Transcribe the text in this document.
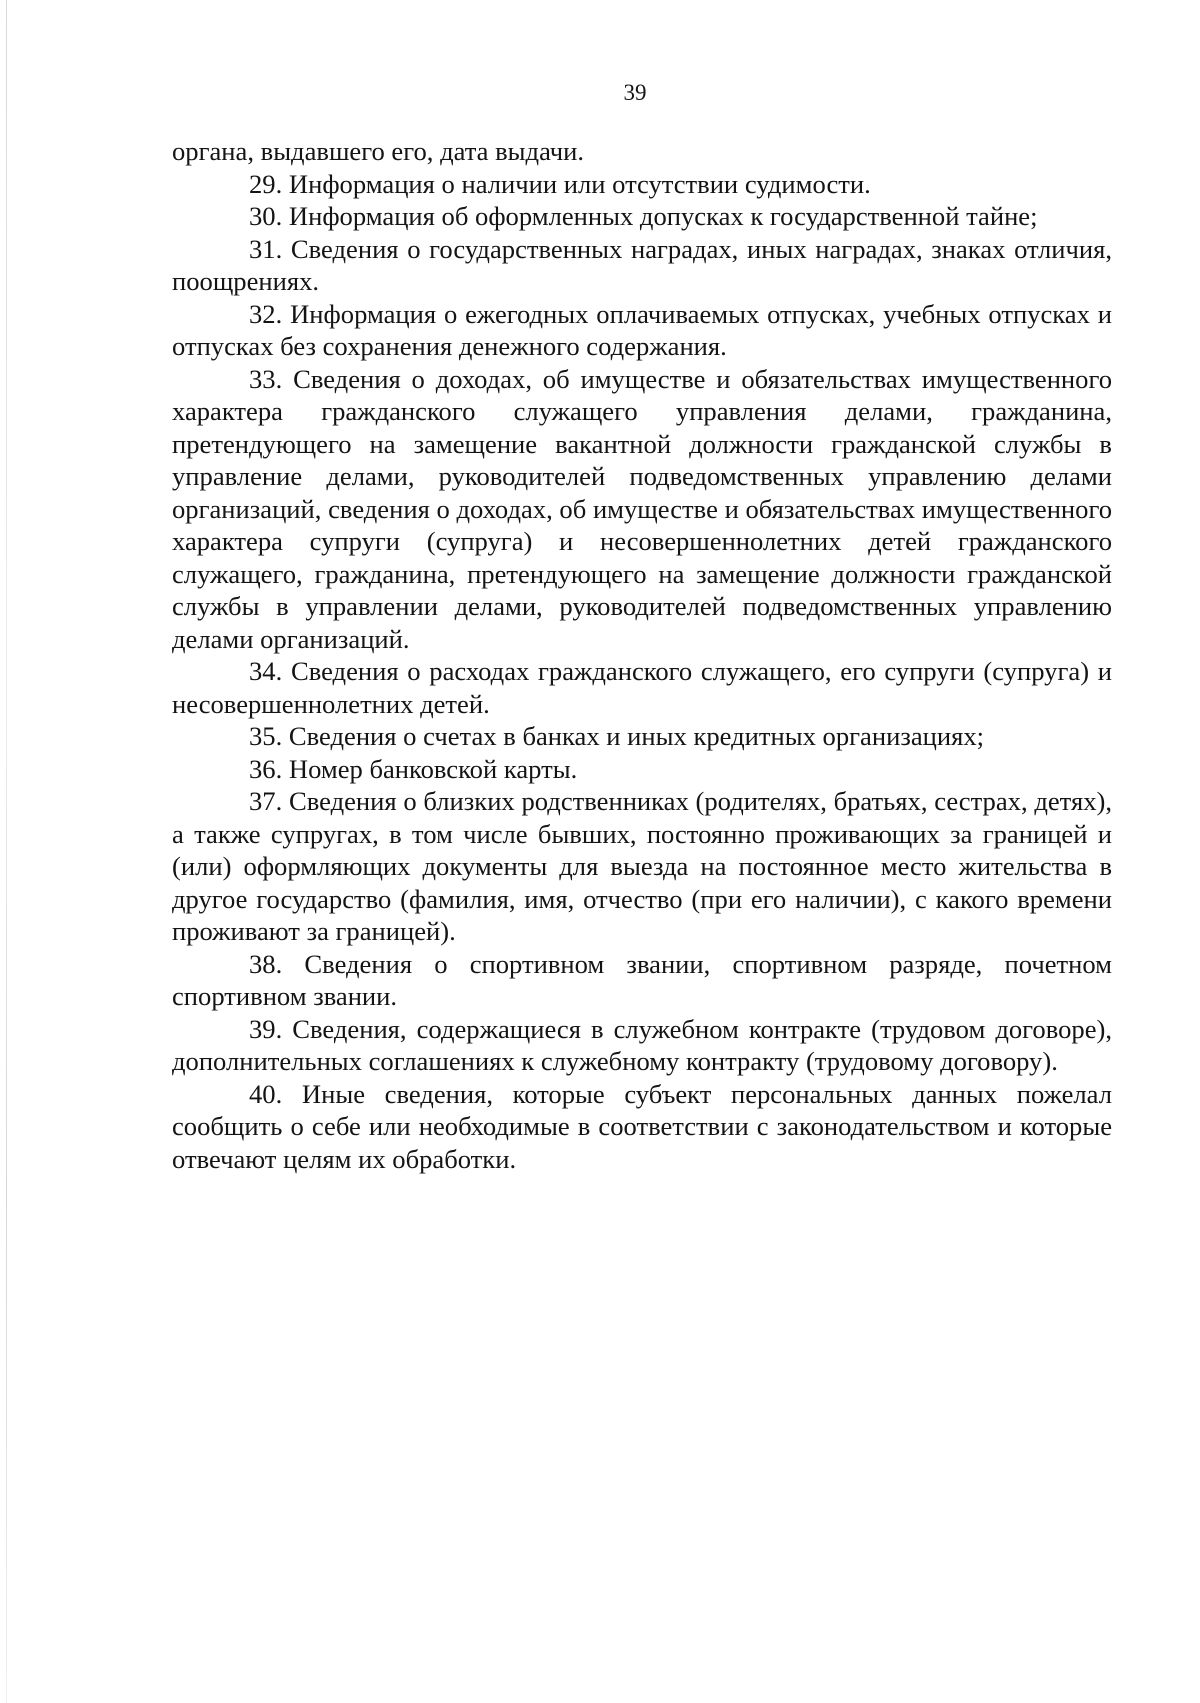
39

органа, выдавшего его, дата выдачи.

29. Информация о наличии или отсутствии судимости.

30. Информация об оформленных допусках к государственной тайне;

31. Сведения о государственных наградах, иных наградах, знаках отличия, поощрениях.

32. Информация о ежегодных оплачиваемых отпусках, учебных отпусках и отпусках без сохранения денежного содержания.

33. Сведения о доходах, об имуществе и обязательствах имущественного характера гражданского служащего управления делами, гражданина, претендующего на замещение вакантной должности гражданской службы в управление делами, руководителей подведомственных управлению делами организаций, сведения о доходах, об имуществе и обязательствах имущественного характера супруги (супруга) и несовершеннолетних детей гражданского служащего, гражданина, претендующего на замещение должности гражданской службы в управлении делами, руководителей подведомственных управлению делами организаций.

34. Сведения о расходах гражданского служащего, его супруги (супруга) и несовершеннолетних детей.

35. Сведения о счетах в банках и иных кредитных организациях;

36. Номер банковской карты.

37. Сведения о близких родственниках (родителях, братьях, сестрах, детях), а также супругах, в том числе бывших, постоянно проживающих за границей и (или) оформляющих документы для выезда на постоянное место жительства в другое государство (фамилия, имя, отчество (при его наличии), с какого времени проживают за границей).

38. Сведения о спортивном звании, спортивном разряде, почетном спортивном звании.

39. Сведения, содержащиеся в служебном контракте (трудовом договоре), дополнительных соглашениях к служебному контракту (трудовому договору).

40. Иные сведения, которые субъект персональных данных пожелал сообщить о себе или необходимые в соответствии с законодательством и которые отвечают целям их обработки.
